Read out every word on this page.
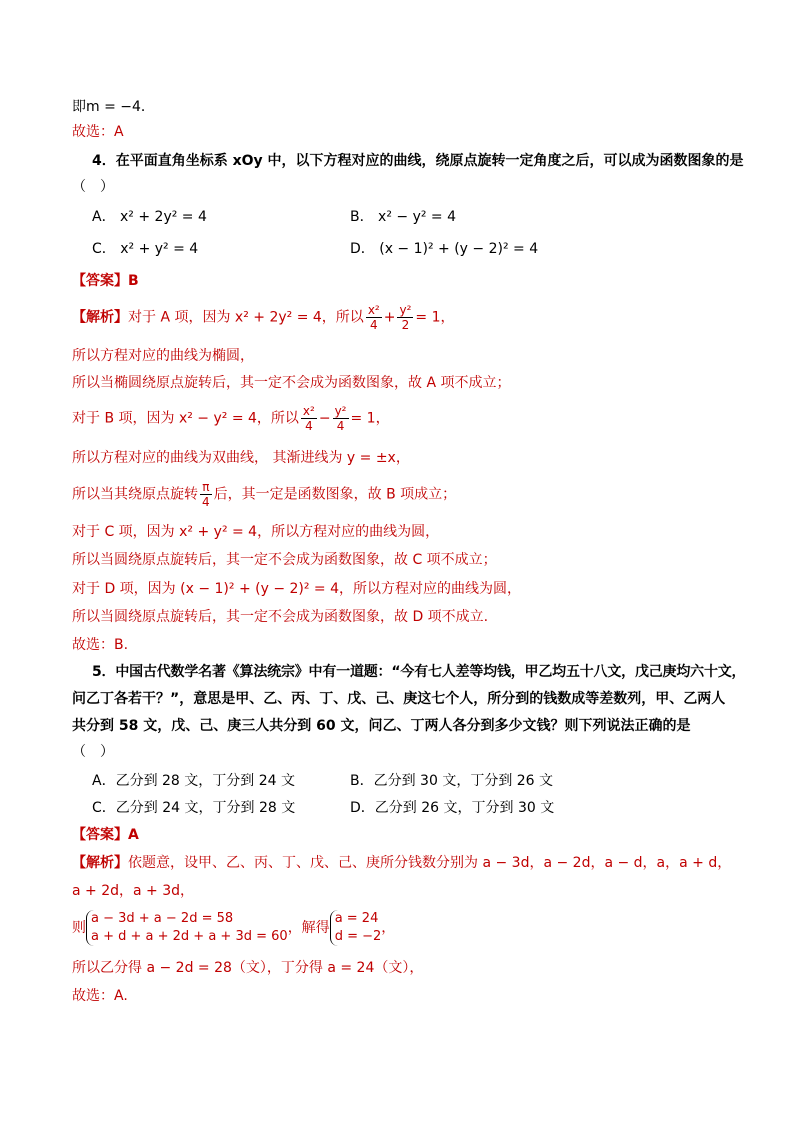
即m = −4．
故选：A
4．在平面直角坐标系 xOy 中，以下方程对应的曲线，绕原点旋转一定角度之后，可以成为函数图象的是
（　）
A． x² + 2y² = 4	B． x² − y² = 4
C． x² + y² = 4	D． (x − 1)² + (y − 2)² = 4
【答案】B
【解析】对于 A 项，因为 x² + 2y² = 4，所以 $\frac{\text{x²}}{4} + \frac{\text{y²}}{2} = 1$，
所以方程对应的曲线为椭圆，
所以当椭圆绕原点旋转后，其一定不会成为函数图象，故 A 项不成立；
对于 B 项，因为 x² − y² = 4，所以 $\frac{\text{x²}}{4} - \frac{\text{y²}}{4} = 1$，
所以方程对应的曲线为双曲线， 其渐进线为 y = ±x，
所以当其绕原点旋转 $\frac{\pi}{4}$ 后，其一定是函数图象，故 B 项成立；
对于 C 项，因为 x² + y² = 4，所以方程对应的曲线为圆，
所以当圆绕原点旋转后，其一定不会成为函数图象，故 C 项不成立；
对于 D 项，因为 (x − 1)² + (y − 2)² = 4，所以方程对应的曲线为圆，
所以当圆绕原点旋转后，其一定不会成为函数图象，故 D 项不成立.
故选：B.
5．中国古代数学名著《算法统宗》中有一道题：“今有七人差等均钱，甲乙均五十八文，戊己庚均六十文，
问乙丁各若干？”，意思是甲、乙、丙、丁、戊、己、庚这七个人，所分到的钱数成等差数列，甲、乙两人
共分到 58 文，戊、己、庚三人共分到 60 文，问乙、丁两人各分到多少文钱？则下列说法正确的是
（　）
A．乙分到 28 文，丁分到 24 文	B．乙分到 30 文，丁分到 26 文
C．乙分到 24 文，丁分到 28 文	D．乙分到 26 文，丁分到 30 文
【答案】A
【解析】依题意，设甲、乙、丙、丁、戊、己、庚所分钱数分别为 a − 3d，a − 2d，a − d，a，a + d，
a + 2d，a + 3d，
则
a − 3d + a − 2d = 58
a + d + a + 2d + a + 3d = 60
，解得
a = 24
d = −2
，
所以乙分得 a − 2d = 28（文），丁分得 a = 24（文），
故选：A.
